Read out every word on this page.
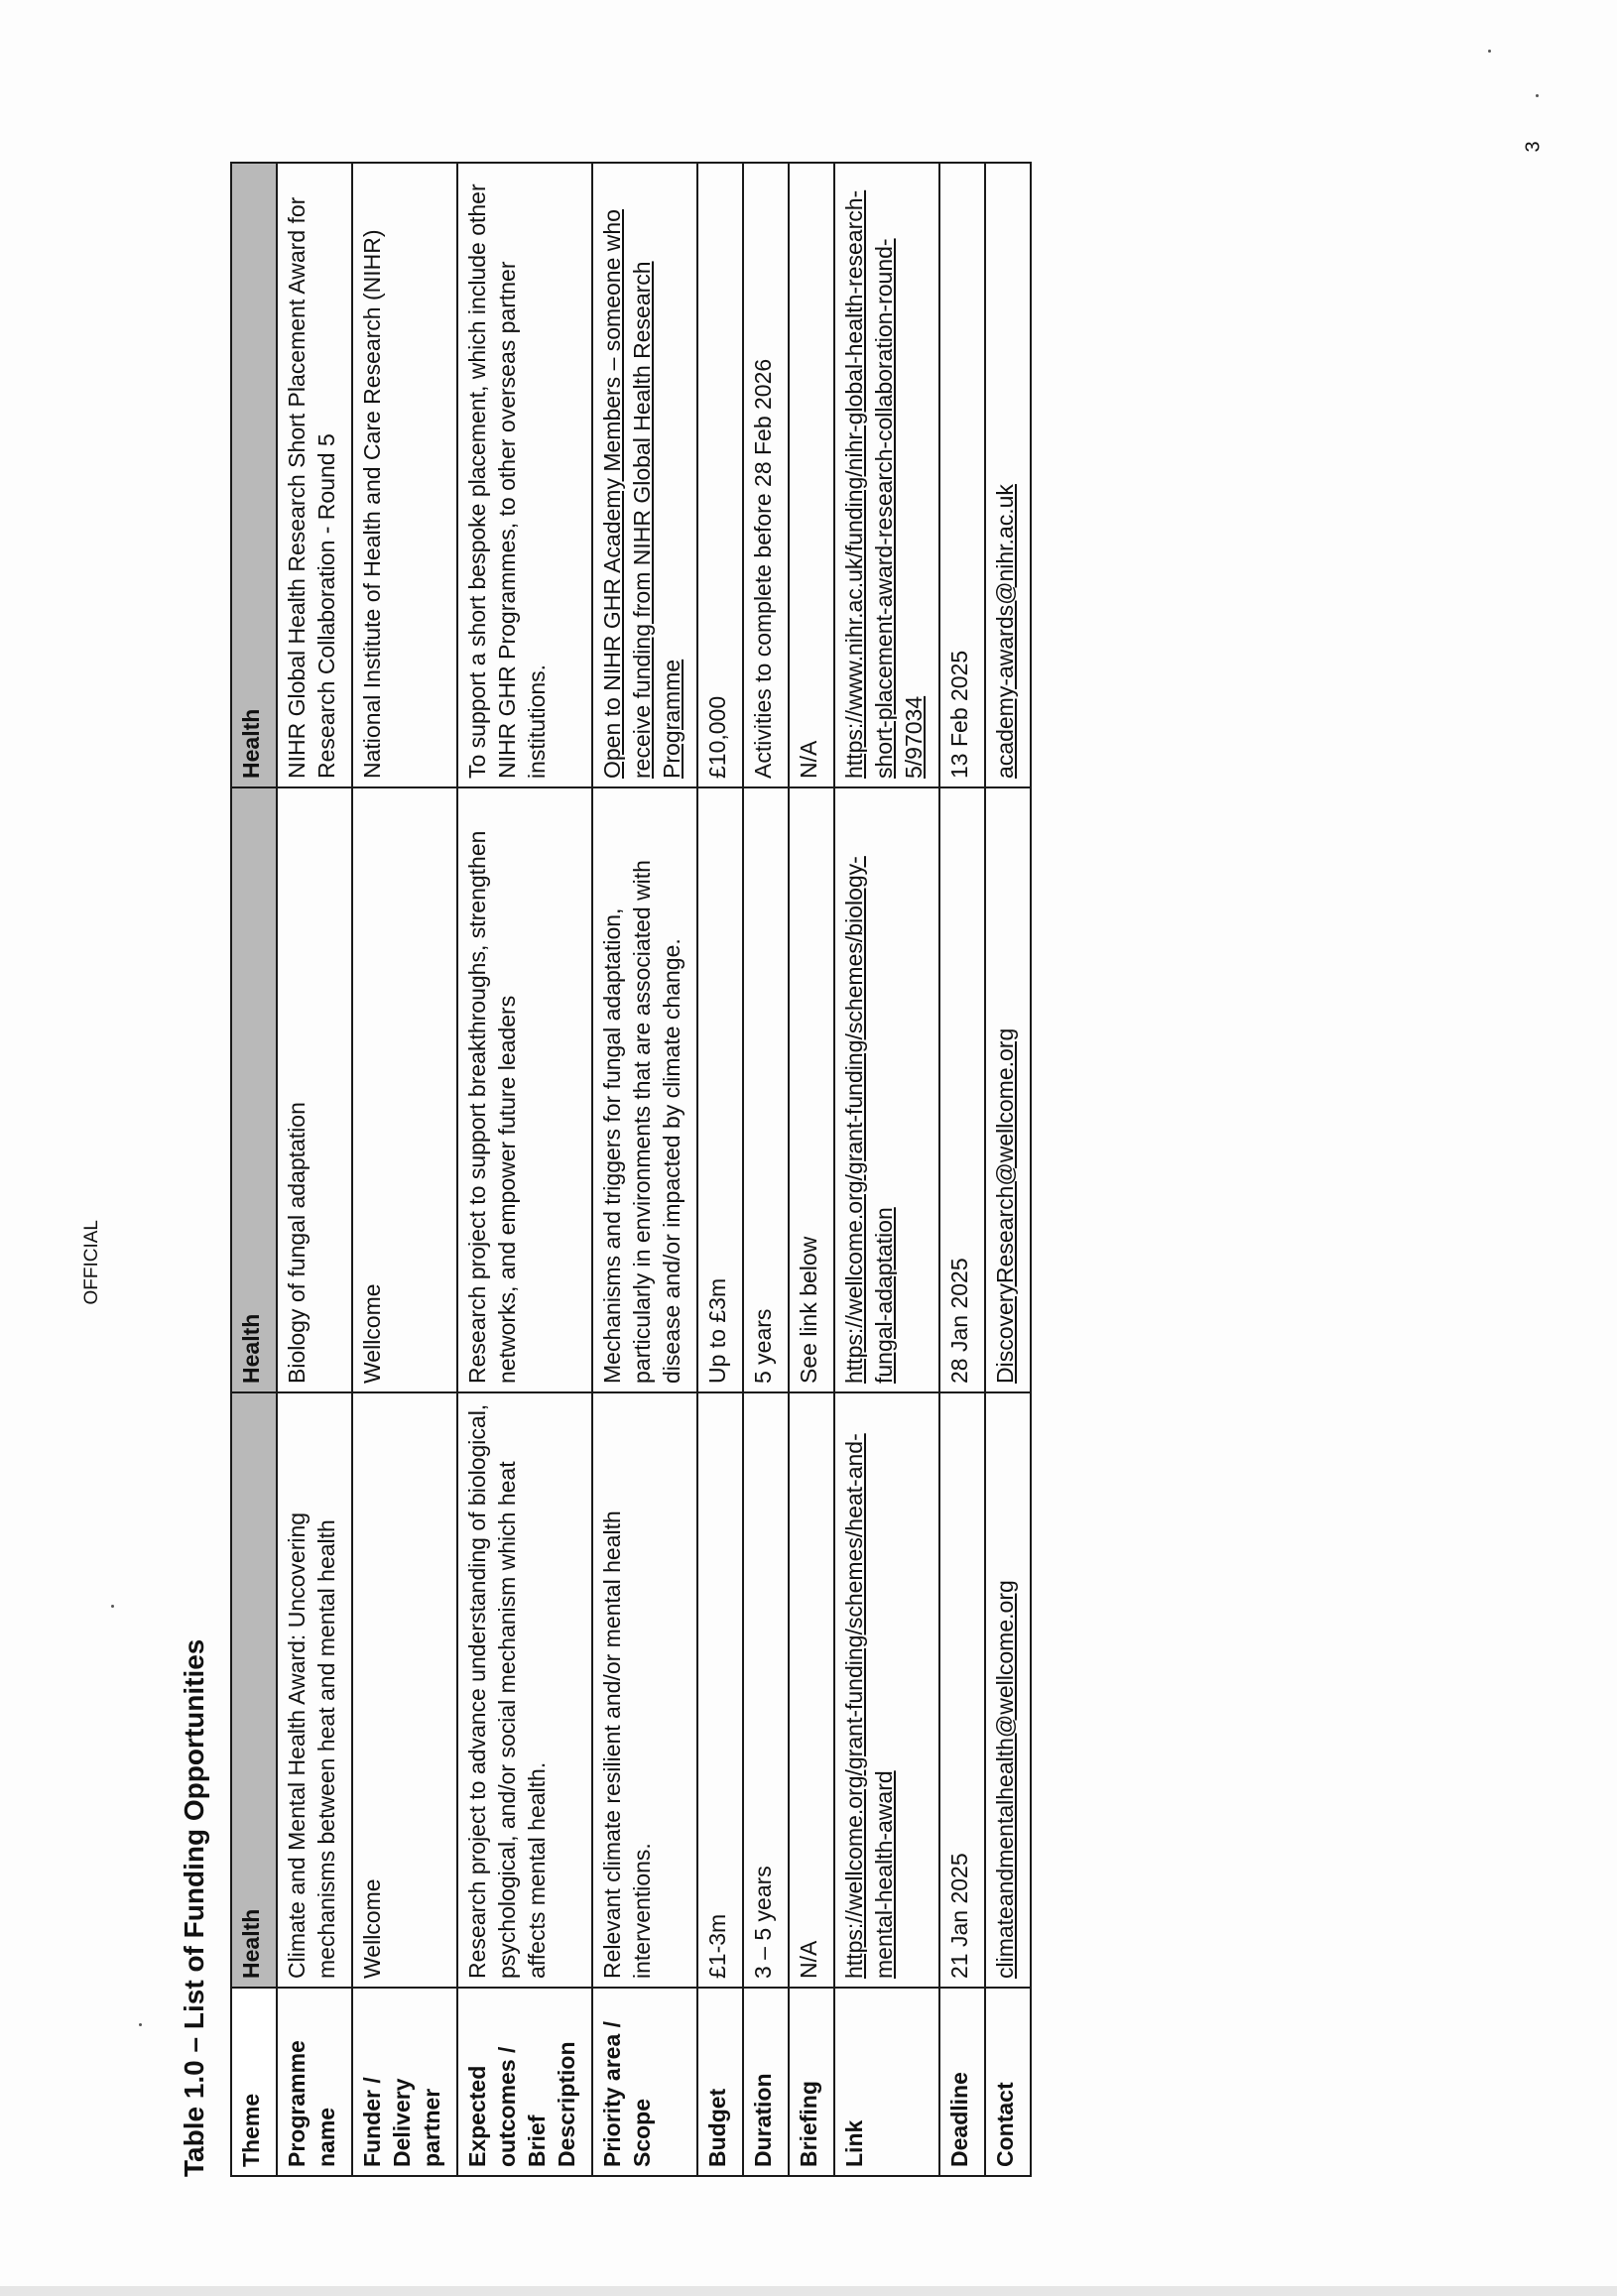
OFFICIAL
3
Table 1.0 – List of Funding Opportunities Theme	Health	Health	Health
Programme name	Climate and Mental Health Award: Uncovering mechanisms between heat and mental health	Biology of fungal adaptation	NIHR Global Health Research Short Placement Award for Research Collaboration - Round 5
Funder / Delivery partner	Wellcome	Wellcome	National Institute of Health and Care Research (NIHR)
Expected outcomes / Brief Description	Research project to advance understanding of biological, psychological, and/or social mechanism which heat affects mental health.	Research project to support breakthroughs, strengthen networks, and empower future leaders	To support a short bespoke placement, which include other NIHR GHR Programmes, to other overseas partner institutions.
Priority area / Scope	Relevant climate resilient and/or mental health interventions.	Mechanisms and triggers for fungal adaptation, particularly in environments that are associated with disease and/or impacted by climate change.	Open to NIHR GHR Academy Members – someone who receive funding from NIHR Global Health Research Programme
Budget	£1-3m	Up to £3m	£10,000
Duration	3 – 5 years	5 years	Activities to complete before 28 Feb 2026
Briefing	N/A	See link below	N/A
Link	https://wellcome.org/grant-funding/schemes/heat-and-mental-health-award	https://wellcome.org/grant-funding/schemes/biology-fungal-adaptation	https://www.nihr.ac.uk/funding/nihr-global-health-research-short-placement-award-research-collaboration-round-5/97034
Deadline	21 Jan 2025	28 Jan 2025	13 Feb 2025
Contact	climateandmentalhealth@wellcome.org	DiscoveryResearch@wellcome.org	academy-awards@nihr.ac.uk
